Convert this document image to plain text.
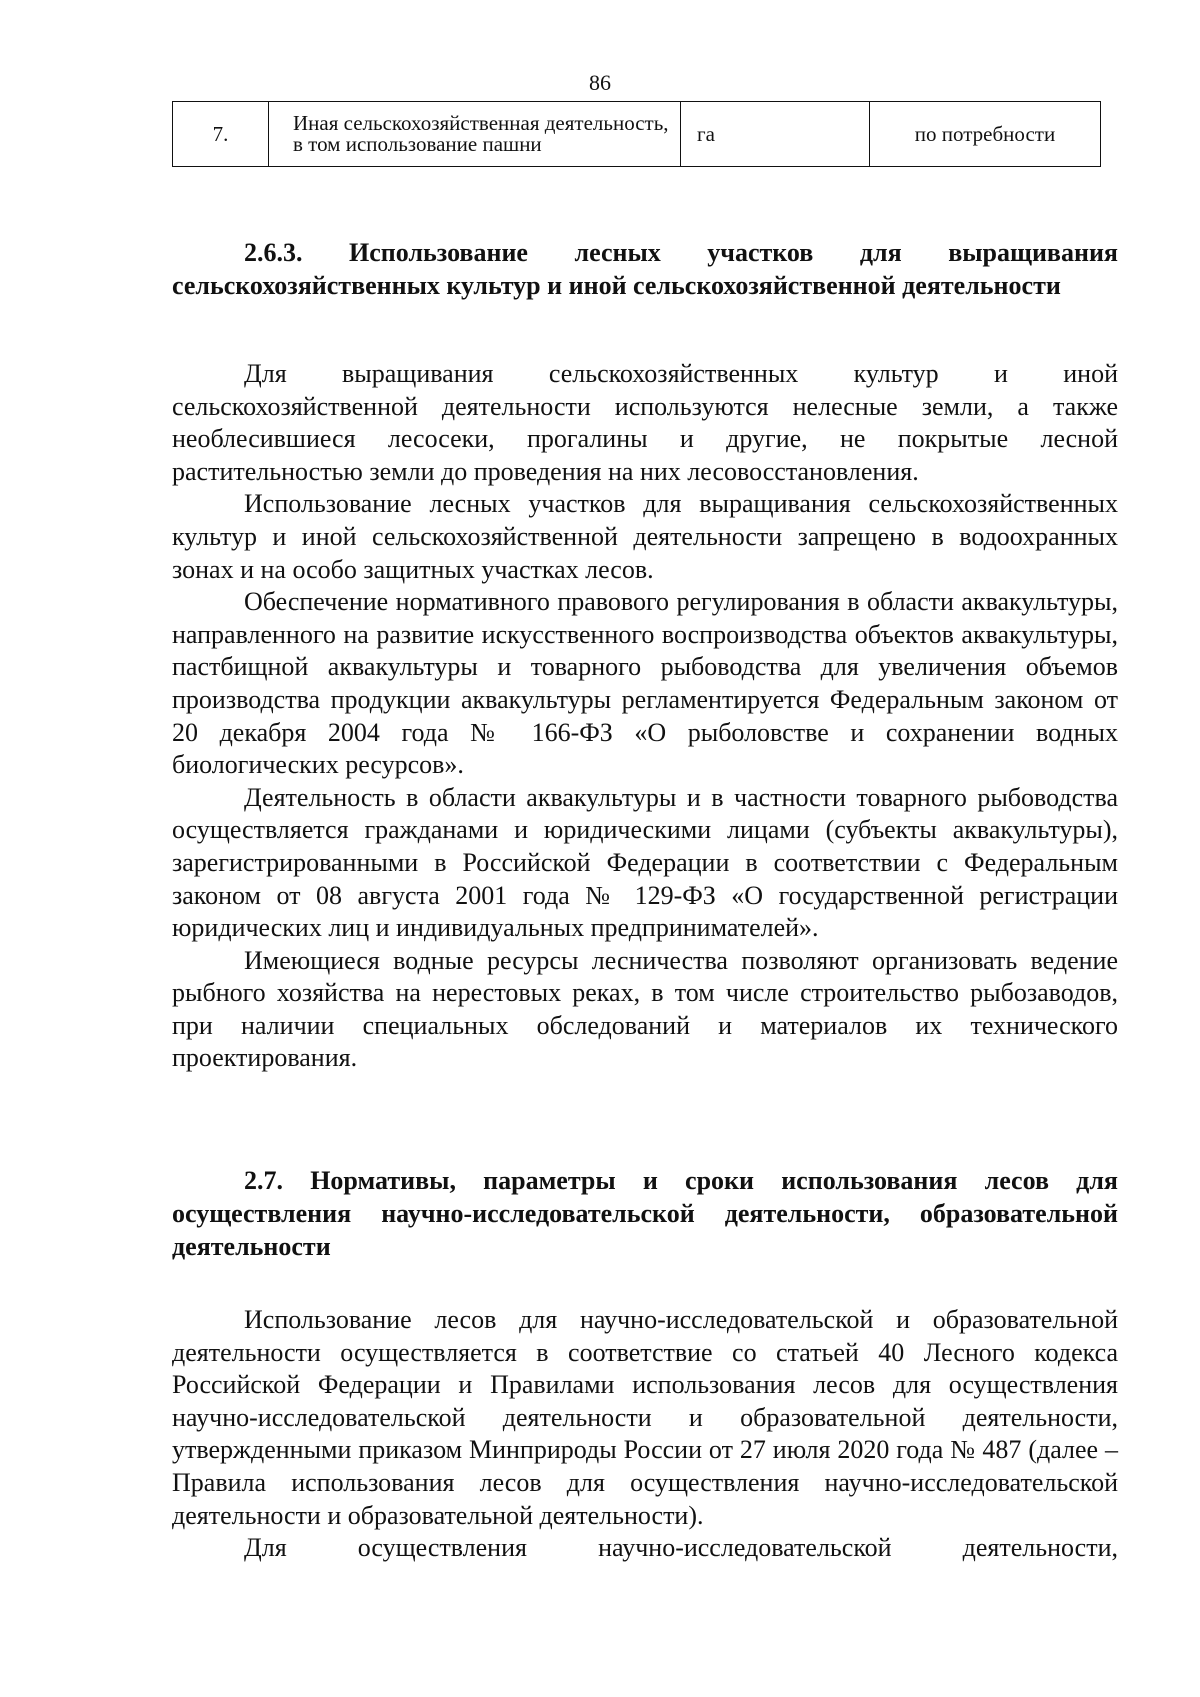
86
7.	Иная сельскохозяйственная деятельность, в том использование пашни	га	по потребности
2.6.3. Использование лесных участков для выращивания сельскохозяйственных культур и иной сельскохозяйственной деятельности

Для выращивания сельскохозяйственных культур и иной сельскохозяйственной деятельности используются нелесные земли, а также необлесившиеся лесосеки, прогалины и другие, не покрытые лесной растительностью земли до проведения на них лесовосстановления.

Использование лесных участков для выращивания сельскохозяйственных культур и иной сельскохозяйственной деятельности запрещено в водоохранных зонах и на особо защитных участках лесов.

Обеспечение нормативного правового регулирования в области аквакультуры, направленного на развитие искусственного воспроизводства объектов аквакультуры, пастбищной аквакультуры и товарного рыбоводства для увеличения объемов производства продукции аквакультуры регламентируется Федеральным законом от 20 декабря 2004 года № 166-ФЗ «О рыболовстве и сохранении водных биологических ресурсов».

Деятельность в области аквакультуры и в частности товарного рыбоводства осуществляется гражданами и юридическими лицами (субъекты аквакультуры), зарегистрированными в Российской Федерации в соответствии с Федеральным законом от 08 августа 2001 года № 129-ФЗ «О государственной регистрации юридических лиц и индивидуальных предпринимателей».

Имеющиеся водные ресурсы лесничества позволяют организовать ведение рыбного хозяйства на нерестовых реках, в том числе строительство рыбозаводов, при наличии специальных обследований и материалов их технического проектирования.

2.7. Нормативы, параметры и сроки использования лесов для осуществления научно-исследовательской деятельности, образовательной деятельности

Использование лесов для научно-исследовательской и образовательной деятельности осуществляется в соответствие со статьей 40 Лесного кодекса Российской Федерации и Правилами использования лесов для осуществления научно-исследовательской деятельности и образовательной деятельности, утвержденными приказом Минприроды России от 27 июля 2020 года № 487 (далее – Правила использования лесов для осуществления научно-исследовательской деятельности и образовательной деятельности).

Для осуществления научно-исследовательской деятельности,
